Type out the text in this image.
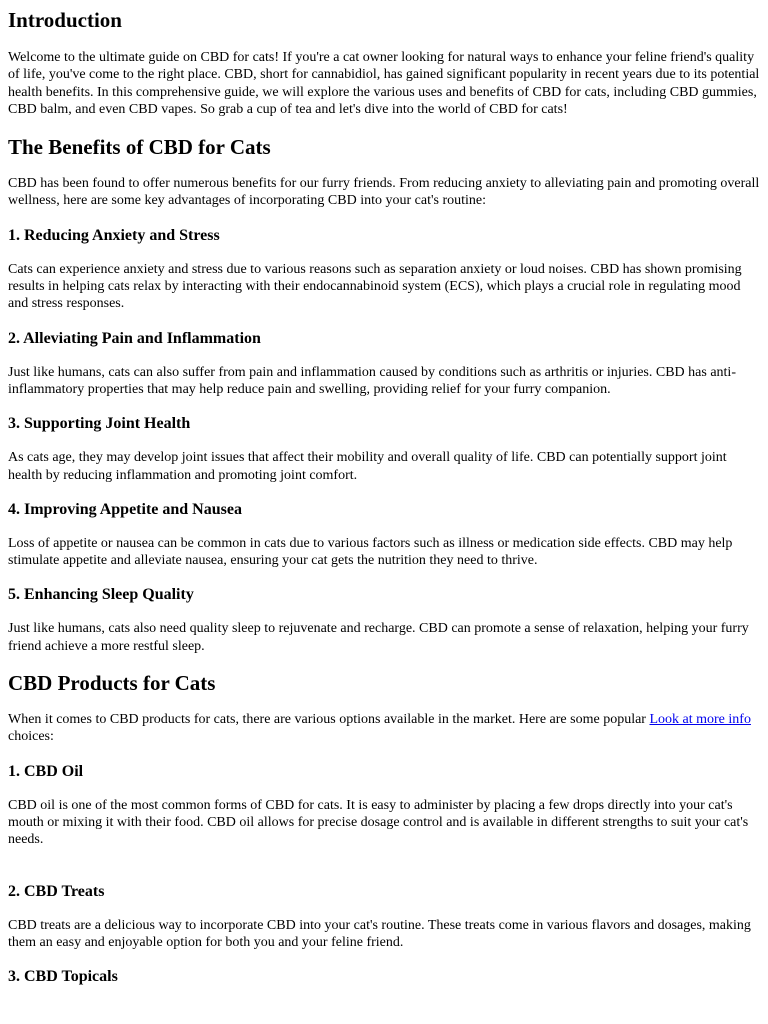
Introduction

Welcome to the ultimate guide on CBD for cats! If you're a cat owner looking for natural ways to enhance your feline friend's quality of life, you've come to the right place. CBD, short for cannabidiol, has gained significant popularity in recent years due to its potential health benefits. In this comprehensive guide, we will explore the various uses and benefits of CBD for cats, including CBD gummies, CBD balm, and even CBD vapes. So grab a cup of tea and let's dive into the world of CBD for cats!

The Benefits of CBD for Cats

CBD has been found to offer numerous benefits for our furry friends. From reducing anxiety to alleviating pain and promoting overall wellness, here are some key advantages of incorporating CBD into your cat's routine:

1. Reducing Anxiety and Stress

Cats can experience anxiety and stress due to various reasons such as separation anxiety or loud noises. CBD has shown promising results in helping cats relax by interacting with their endocannabinoid system (ECS), which plays a crucial role in regulating mood and stress responses.

2. Alleviating Pain and Inflammation

Just like humans, cats can also suffer from pain and inflammation caused by conditions such as arthritis or injuries. CBD has anti-inflammatory properties that may help reduce pain and swelling, providing relief for your furry companion.

3. Supporting Joint Health

As cats age, they may develop joint issues that affect their mobility and overall quality of life. CBD can potentially support joint health by reducing inflammation and promoting joint comfort.

4. Improving Appetite and Nausea

Loss of appetite or nausea can be common in cats due to various factors such as illness or medication side effects. CBD may help stimulate appetite and alleviate nausea, ensuring your cat gets the nutrition they need to thrive.

5. Enhancing Sleep Quality

Just like humans, cats also need quality sleep to rejuvenate and recharge. CBD can promote a sense of relaxation, helping your furry friend achieve a more restful sleep.

CBD Products for Cats

When it comes to CBD products for cats, there are various options available in the market. Here are some popular Look at more info choices:

1. CBD Oil

CBD oil is one of the most common forms of CBD for cats. It is easy to administer by placing a few drops directly into your cat's mouth or mixing it with their food. CBD oil allows for precise dosage control and is available in different strengths to suit your cat's needs.

2. CBD Treats

CBD treats are a delicious way to incorporate CBD into your cat's routine. These treats come in various flavors and dosages, making them an easy and enjoyable option for both you and your feline friend.

3. CBD Topicals
